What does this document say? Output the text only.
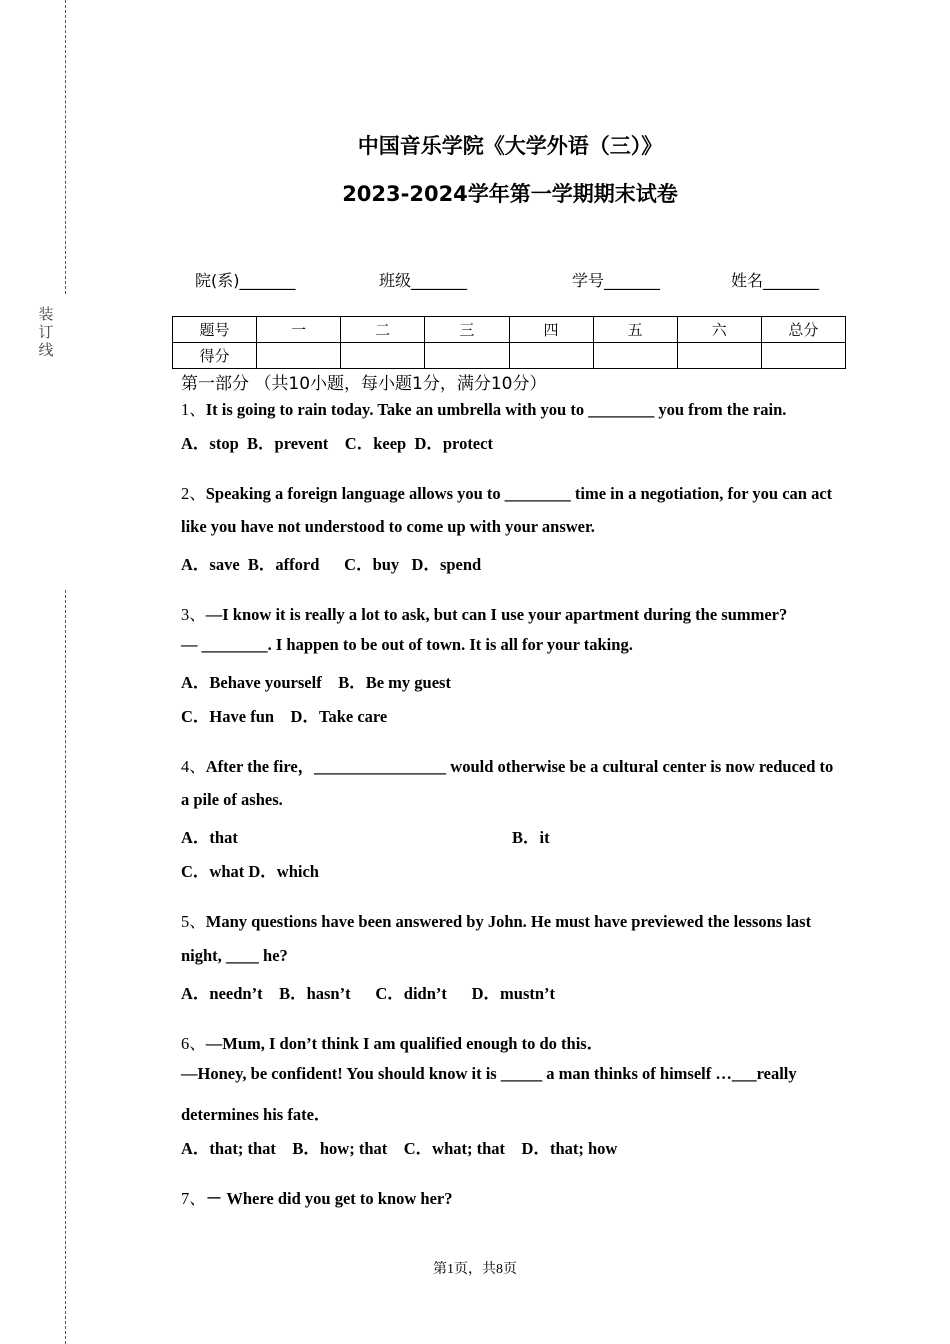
装订线
中国音乐学院《大学外语（三）》
2023-2024学年第一学期期末试卷
院(系)_______	班级_______	学号_______	姓名_______
题号	一	二	三	四	五	六	总分
得分							
第一部分 （共10小题，每小题1分，满分10分）
1、It is going to rain today. Take an umbrella with you to ________ you from the rain.
A．stop  B．prevent    C．keep  D．protect
2、Speaking a foreign language allows you to ________ time in a negotiation, for you can act
like you have not understood to come up with your answer.
A．save  B．afford      C．buy   D．spend
3、—I know it is really a lot to ask, but can I use your apartment during the summer?
— ________. I happen to be out of town. It is all for your taking.
A．Behave yourself    B．Be my guest
C．Have fun    D．Take care
4、After the fire，________________ would otherwise be a cultural center is now reduced to
a pile of ashes.
A．that	B．it
C．what D．which
5、Many questions have been answered by John. He must have previewed the lessons last
night, ____ he?
A．needn’t    B．hasn’t      C．didn’t      D．mustn’t
6、—Mum, I don’t think I am qualified enough to do this．
—Honey, be confident! You should know it is _____ a man thinks of himself …___really
determines his fate．
A．that; that    B．how; that    C．what; that    D．that; how
7、－ Where did you get to know her?
第1页，共8页
